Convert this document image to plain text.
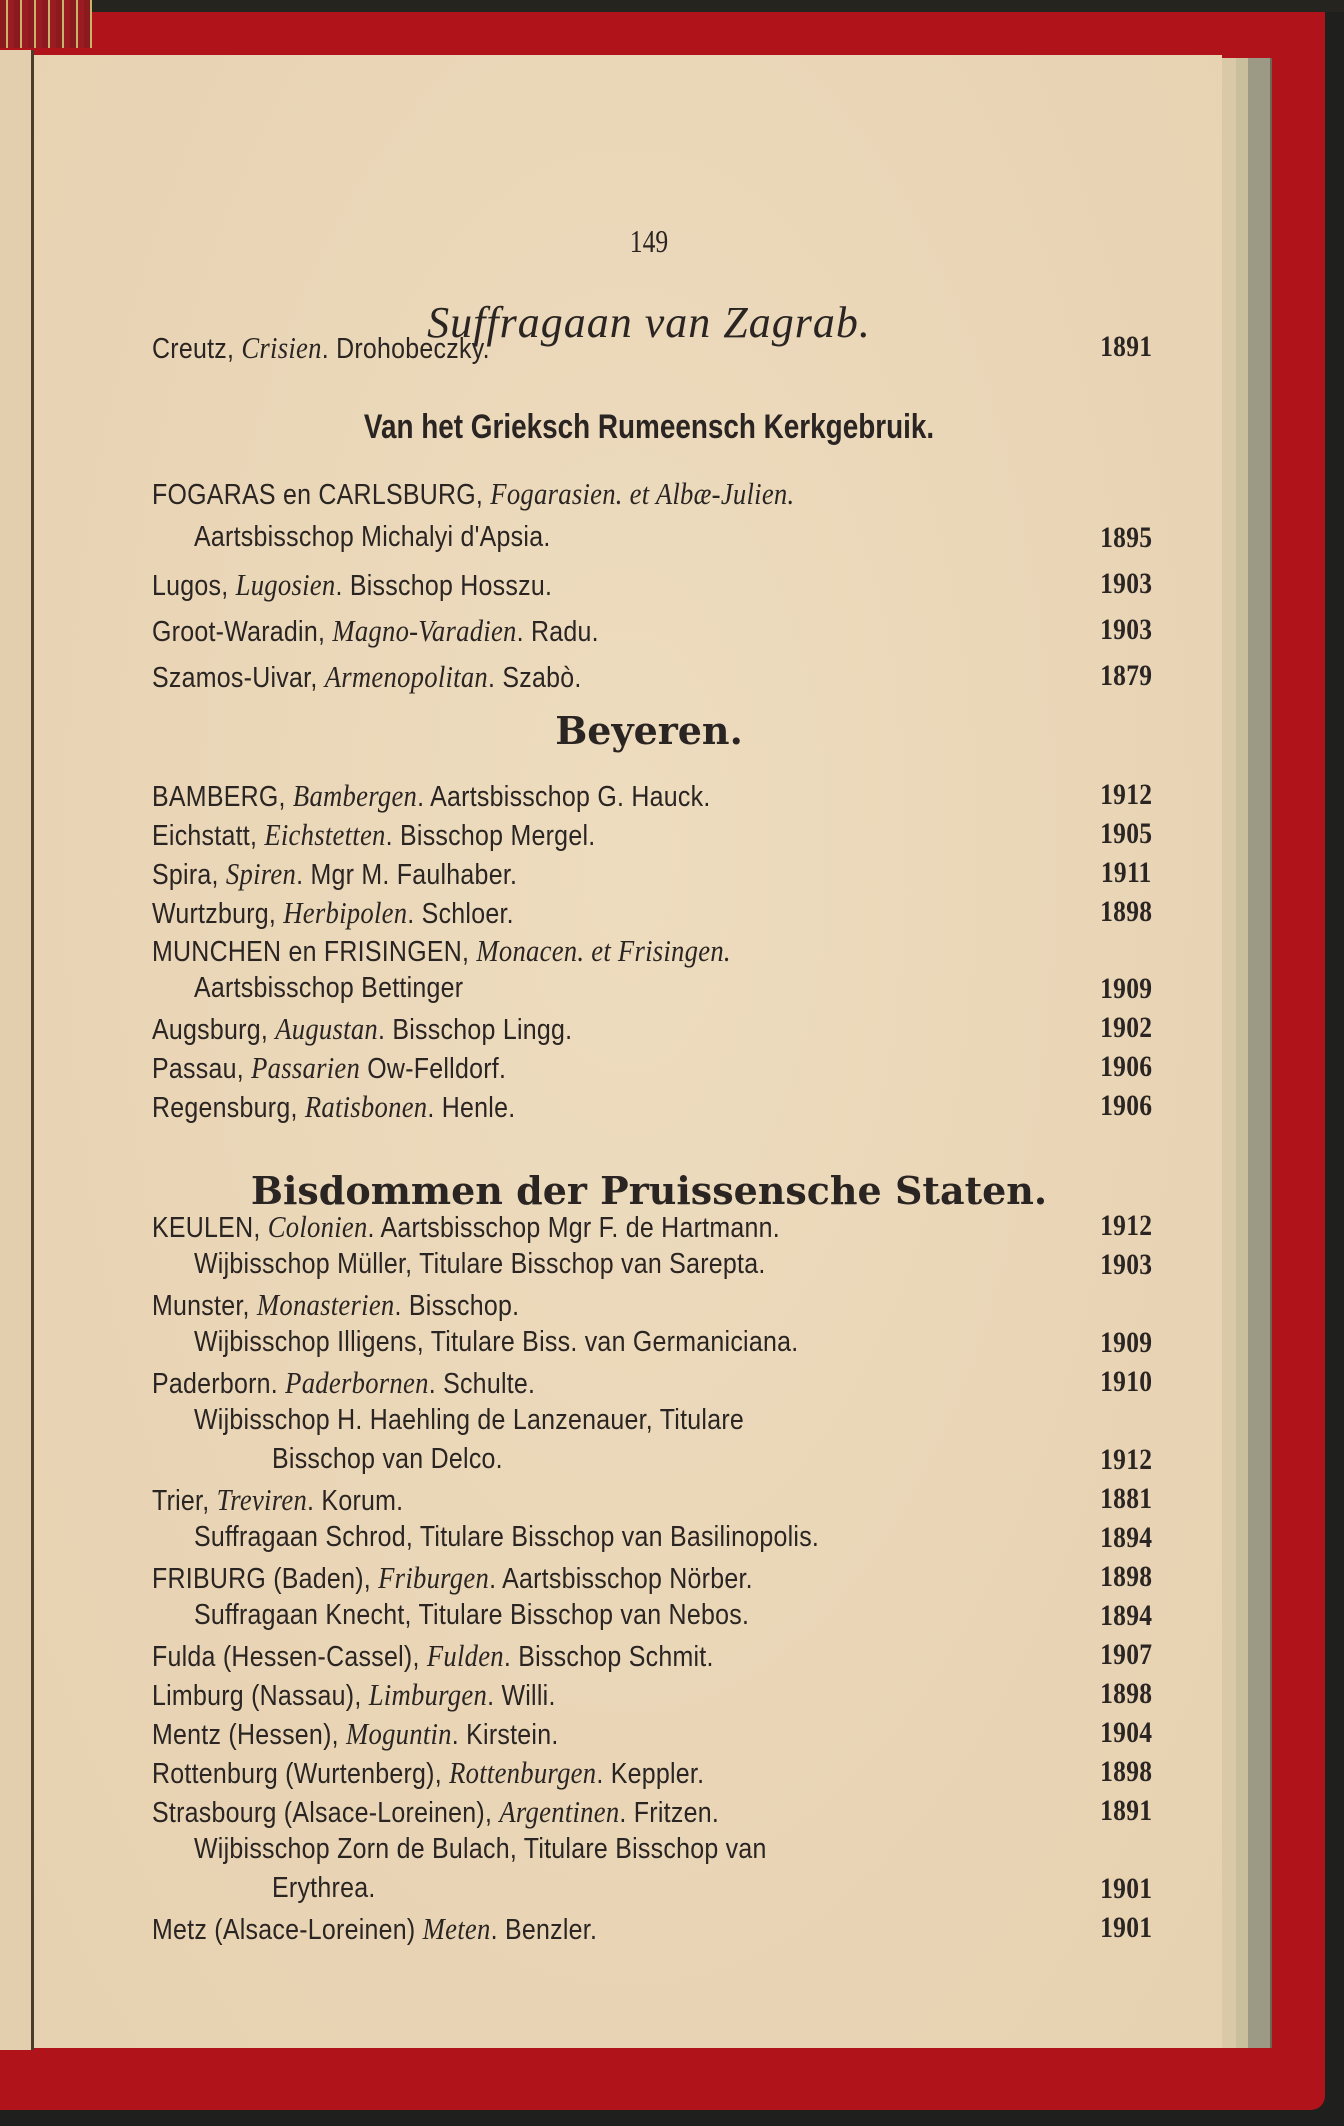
149
Suffragaan van Zagrab.
Creutz, Crisien. Drohobeczky.	1891
Van het Grieksch Rumeensch Kerkgebruik.
FOGARAS en CARLSBURG, Fogarasien. et Albæ-Julien.
Aartsbisschop Michalyi d'Apsia.	1895
Lugos, Lugosien. Bisschop Hosszu.	1903
Groot-Waradin, Magno-Varadien. Radu.	1903
Szamos-Uivar, Armenopolitan. Szabò.	1879
Beyeren.
BAMBERG, Bambergen. Aartsbisschop G. Hauck.	1912
Eichstatt, Eichstetten. Bisschop Mergel.	1905
Spira, Spiren. Mgr M. Faulhaber.	1911
Wurtzburg, Herbipolen. Schloer.	1898
MUNCHEN en FRISINGEN, Monacen. et Frisingen.
Aartsbisschop Bettinger	1909
Augsburg, Augustan. Bisschop Lingg.	1902
Passau, Passarien Ow-Felldorf.	1906
Regensburg, Ratisbonen. Henle.	1906
Bisdommen der Pruissensche Staten.
KEULEN, Colonien. Aartsbisschop Mgr F. de Hartmann.	1912
Wijbisschop Müller, Titulare Bisschop van Sarepta.	1903
Munster, Monasterien. Bisschop.
Wijbisschop Illigens, Titulare Biss. van Germaniciana.	1909
Paderborn. Paderbornen. Schulte.	1910
Wijbisschop H. Haehling de Lanzenauer, Titulare
Bisschop van Delco.	1912
Trier, Treviren. Korum.	1881
Suffragaan Schrod, Titulare Bisschop van Basilinopolis.	1894
FRIBURG (Baden), Friburgen. Aartsbisschop Nörber.	1898
Suffragaan Knecht, Titulare Bisschop van Nebos.	1894
Fulda (Hessen-Cassel), Fulden. Bisschop Schmit.	1907
Limburg (Nassau), Limburgen. Willi.	1898
Mentz (Hessen), Moguntin. Kirstein.	1904
Rottenburg (Wurtenberg), Rottenburgen. Keppler.	1898
Strasbourg (Alsace-Loreinen), Argentinen. Fritzen.	1891
Wijbisschop Zorn de Bulach, Titulare Bisschop van
Erythrea.	1901
Metz (Alsace-Loreinen) Meten. Benzler.	1901
